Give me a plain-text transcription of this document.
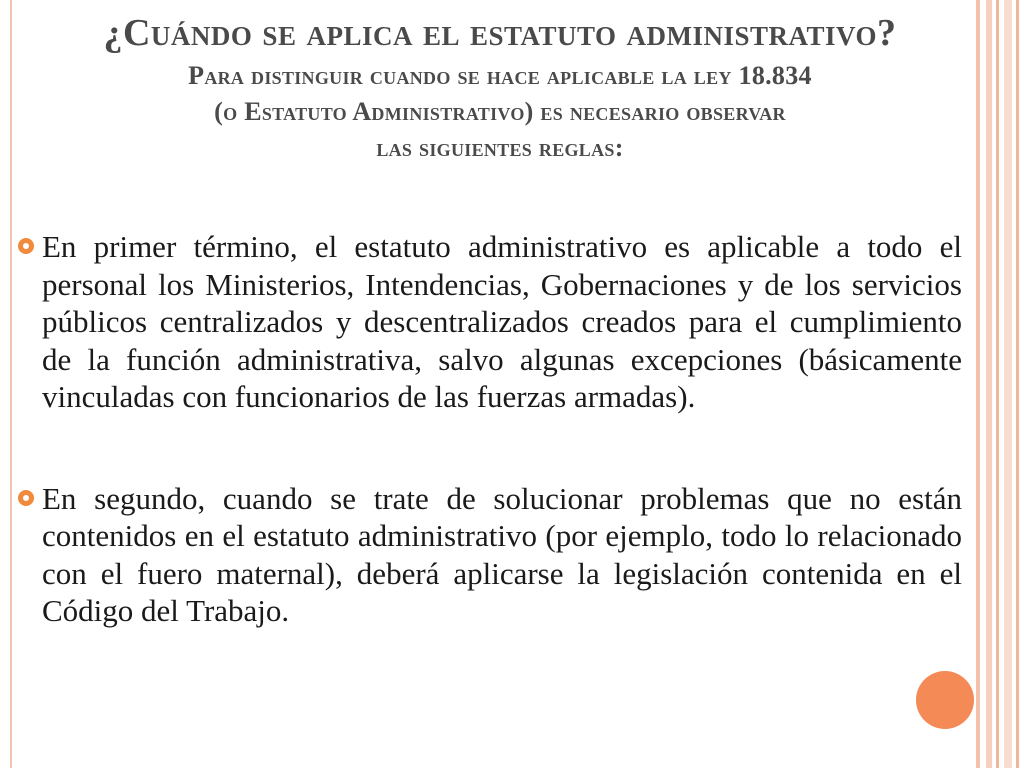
¿Cuándo se aplica el estatuto administrativo?
Para distinguir cuando se hace aplicable la ley 18.834
(o Estatuto Administrativo) es necesario observar
las siguientes reglas:
En primer término, el estatuto administrativo es aplicable a todo el personal los Ministerios, Intendencias, Gobernaciones y de los servicios públicos centralizados y descentralizados creados para el cumplimiento de la función administrativa, salvo algunas excepciones (básicamente vinculadas con funcionarios de las fuerzas armadas).
En segundo, cuando se trate de solucionar problemas que no están contenidos en el estatuto administrativo (por ejemplo, todo lo relacionado con el fuero maternal), deberá aplicarse la legislación contenida en el Código del Trabajo.
